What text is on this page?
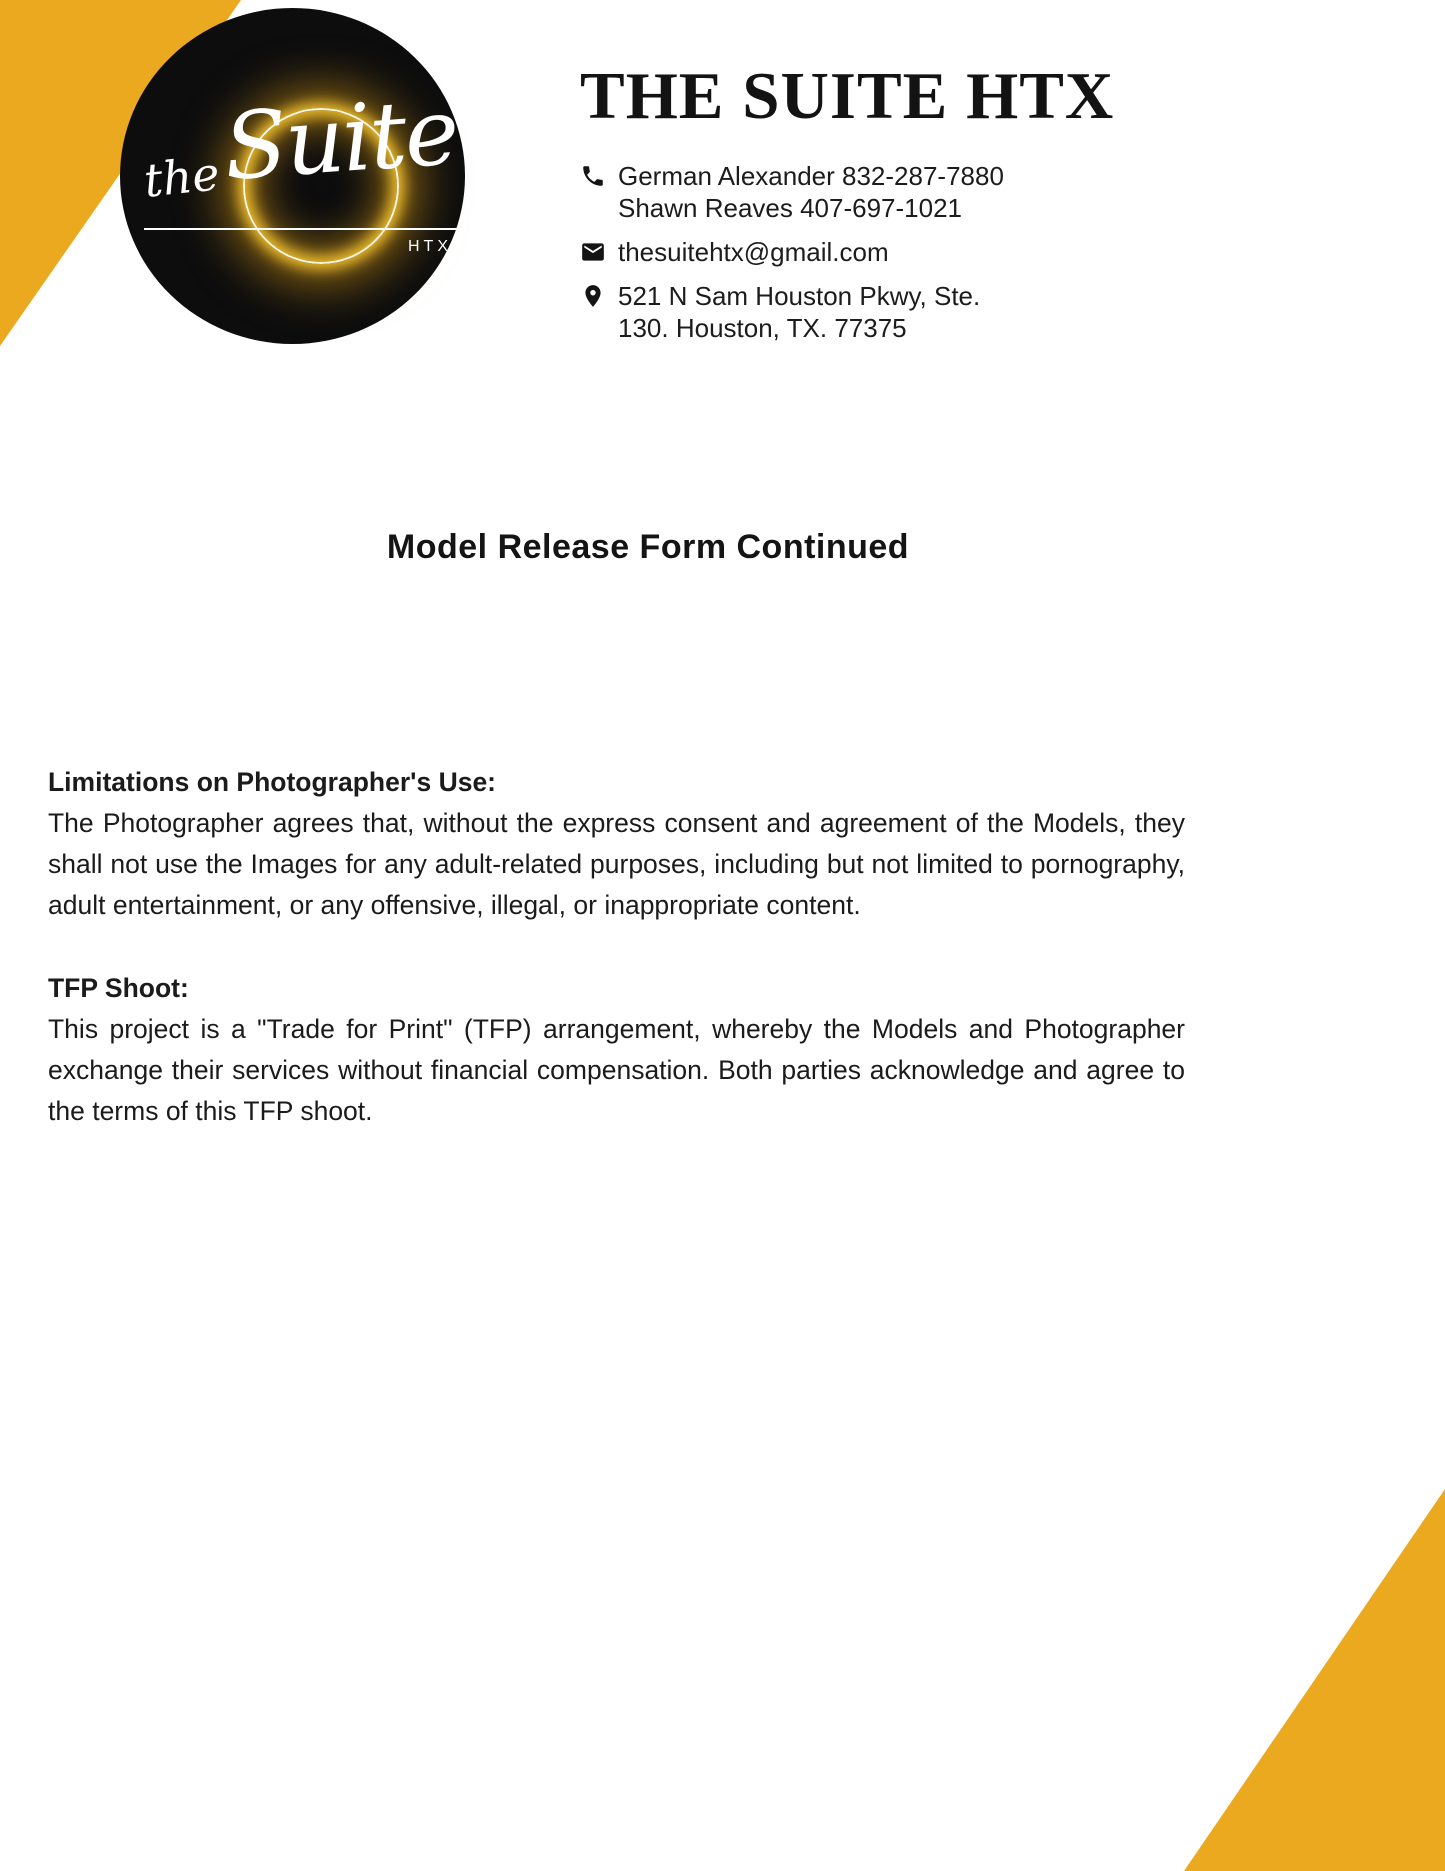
the
Suite
HTX
THE SUITE HTX
German Alexander 832-287-7880
Shawn Reaves 407-697-1021
thesuitehtx@gmail.com
521 N Sam Houston Pkwy, Ste.
130. Houston, TX. 77375
Model Release Form Continued
Limitations on Photographer's Use:
The Photographer agrees that, without the express consent and agreement of the Models, they shall not use the Images for any adult-related purposes, including but not limited to pornography, adult entertainment, or any offensive, illegal, or inappropriate content.
TFP Shoot:
This project is a "Trade for Print" (TFP) arrangement, whereby the Models and Photographer exchange their services without financial compensation. Both parties acknowledge and agree to the terms of this TFP shoot.
